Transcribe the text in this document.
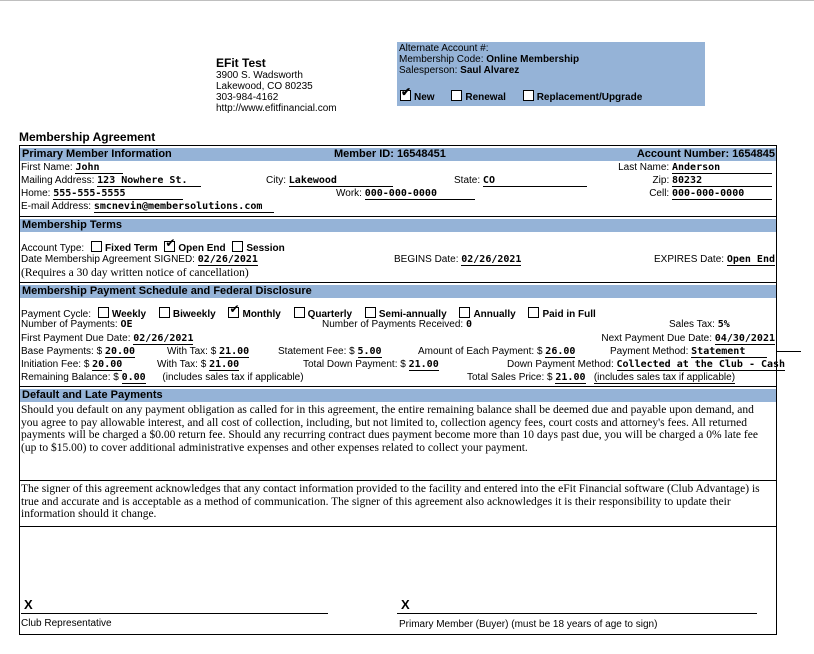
EFit Test
3900 S. Wadsworth
Lakewood, CO 80235
303-984-4162
http://www.efitfinancial.com
Alternate Account #:
Membership Code: Online Membership
Salesperson: Saul Alvarez
✔New	Renewal	Replacement/Upgrade
Membership Agreement
Primary Member Information	Member ID: 16548451	Account Number: 1654845
First Name: John	Last Name: Anderson
Mailing Address: 123 Nowhere St.	City: Lakewood	State: CO	Zip: 80232
Home: 555-555-5555	Work: 000-000-0000	Cell: 000-000-0000
E-mail Address: smcnevin@membersolutions.com
Membership Terms
Account Type: Fixed Term ✔ Open End Session
Date Membership Agreement SIGNED: 02/26/2021	BEGINS Date: 02/26/2021	EXPIRES Date: Open End
(Requires a 30 day written notice of cancellation)
Membership Payment Schedule and Federal Disclosure
Payment Cycle: Weekly	Biweekly ✔	Monthly	Quarterly	Semi-annually	Annually	Paid in Full
Number of Payments: OE	Number of Payments Received: 0	Sales Tax: 5%
First Payment Due Date: 02/26/2021	Next Payment Due Date: 04/30/2021
Base Payments: $ 20.00	With Tax: $ 21.00	Statement Fee: $ 5.00	Amount of Each Payment: $ 26.00	Payment Method: Statement
Initiation Fee: $ 20.00	With Tax: $ 21.00	Total Down Payment: $ 21.00	Down Payment Method: Collected at the Club - Cash
Remaining Balance: $ 0.00 (includes sales tax if applicable)	Total Sales Price: $ 21.00 (includes sales tax if applicable)
Default and Late Payments
Should you default on any payment obligation as called for in this agreement, the entire remaining balance shall be deemed due and payable upon demand, and you agree to pay allowable interest, and all cost of collection, including, but not limited to, collection agency fees, court costs and attorney's fees. All returned payments will be charged a $0.00 return fee. Should any recurring contract dues payment become more than 10 days past due, you will be charged a 0% late fee (up to $15.00) to cover additional administrative expenses and other expenses related to collect your payment.
The signer of this agreement acknowledges that any contact information provided to the facility and entered into the eFit Financial software (Club Advantage) is true and accurate and is acceptable as a method of communication. The signer of this agreement also acknowledges it is their responsibility to update their information should it change.
X
Club Representative
X
Primary Member (Buyer) (must be 18 years of age to sign)
